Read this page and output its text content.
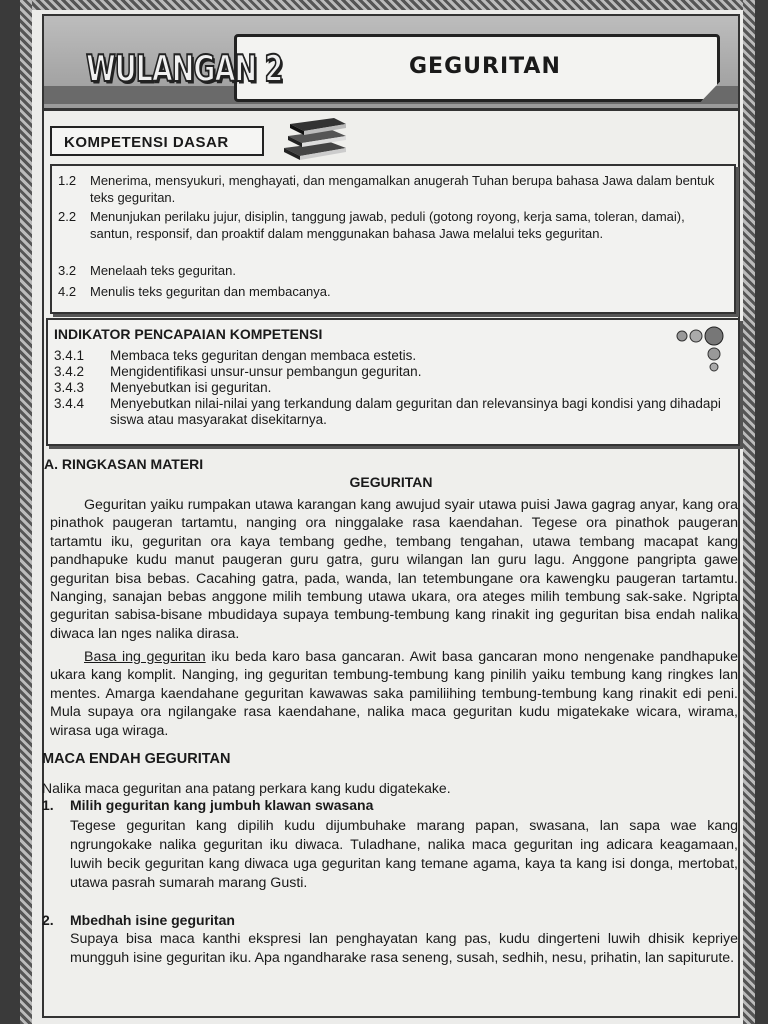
WULANGAN 2	GEGURITAN
KOMPETENSI DASAR
1.2	Menerima, mensyukuri, menghayati, dan mengamalkan anugerah Tuhan berupa bahasa Jawa dalam bentuk teks geguritan.
2.2	Menunjukan perilaku jujur, disiplin, tanggung jawab, peduli (gotong royong, kerja sama, toleran, damai), santun, responsif, dan proaktif dalam menggunakan bahasa Jawa melalui teks geguritan.
3.2	Menelaah teks geguritan.
4.2	Menulis teks geguritan dan membacanya.
INDIKATOR PENCAPAIAN KOMPETENSI
3.4.1	Membaca teks geguritan dengan membaca estetis.
3.4.2	Mengidentifikasi unsur-unsur pembangun geguritan.
3.4.3	Menyebutkan isi geguritan.
3.4.4	Menyebutkan nilai-nilai yang terkandung dalam geguritan dan relevansinya bagi kondisi yang dihadapi siswa atau masyarakat disekitarnya.
A. RINGKASAN MATERI
GEGURITAN
Geguritan yaiku rumpakan utawa karangan kang awujud syair utawa puisi Jawa gagrag anyar, kang ora pinathok paugeran tartamtu, nanging ora ninggalake rasa kaendahan. Tegese ora pinathok paugeran tartamtu iku, geguritan ora kaya tembang gedhe, tembang tengahan, utawa tembang macapat kang pandhapuke kudu manut paugeran guru gatra, guru wilangan lan guru lagu. Anggone pangripta gawe geguritan bisa bebas. Cacahing gatra, pada, wanda, lan tetembungane ora kawengku paugeran tartamtu. Nanging, sanajan bebas anggone milih tembung utawa ukara, ora ateges milih tembung sak-sake. Ngripta geguritan sabisa-bisane mbudidaya supaya tembung-tembung kang rinakit ing geguritan bisa endah nalika diwaca lan nges nalika dirasa.
Basa ing geguritan iku beda karo basa gancaran. Awit basa gancaran mono nengenake pandhapuke ukara kang komplit. Nanging, ing geguritan tembung-tembung kang pinilih yaiku tembung kang ringkes lan mentes. Amarga kaendahane geguritan kawawas saka pamiliihing tembung-tembung kang rinakit edi peni. Mula supaya ora ngilangake rasa kaendahane, nalika maca geguritan kudu migatekake wicara, wirama, wirasa uga wiraga.
MACA ENDAH GEGURITAN
Nalika maca geguritan ana patang perkara kang kudu digatekake.
1. Milih geguritan kang jumbuh klawan swasana
Tegese geguritan kang dipilih kudu dijumbuhake marang papan, swasana, lan sapa wae kang ngrungokake nalika geguritan iku diwaca. Tuladhane, nalika maca geguritan ing adicara keagamaan, luwih becik geguritan kang diwaca uga geguritan kang temane agama, kaya ta kang isi donga, mertobat, utawa pasrah sumarah marang Gusti.
2. Mbedhah isine geguritan
Supaya bisa maca kanthi ekspresi lan penghayatan kang pas, kudu dingerteni luwih dhisik kepriye mungguh isine geguritan iku. Apa ngandharake rasa seneng, susah, sedhih, nesu, prihatin, lan sapiturute.
